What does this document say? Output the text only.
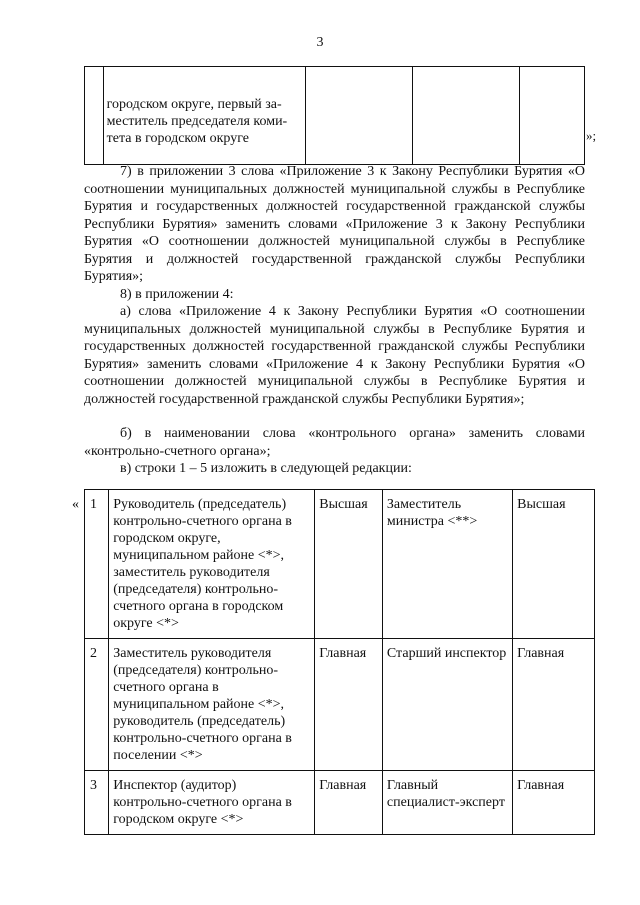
3

городском округе, первый за-
меститель председателя коми-
тета в городском округе

				»;
7) в приложении 3 слова «Приложение 3 к Закону Республики Бурятия «О соотношении муниципальных должностей муниципальной службы в Республике Бурятия и государственных должностей государственной гражданской службы Республики Бурятия» заменить словами «Приложение 3 к Закону Республики Бурятия «О соотношении должностей муниципальной службы в Республике Бурятия и должностей государственной гражданской службы Республики Бурятия»;
8) в приложении 4:
а) слова «Приложение 4 к Закону Республики Бурятия «О соотношении муниципальных должностей муниципальной службы в Республике Бурятия и государственных должностей государственной гражданской службы Республики Бурятия» заменить словами «Приложение 4 к Закону Республики Бурятия «О соотношении должностей муниципальной службы в Республике Бурятия и должностей государственной гражданской службы Республики Бурятия»;
б) в наименовании слова «контрольного органа» заменить словами «контрольно-счетного органа»;
в) строки 1 – 5 изложить в следующей редакции:
« 1	Руководитель (председатель) контрольно-счетного органа в городском округе, муниципальном районе <*>, заместитель руководителя (председателя) контрольно-счетного органа в городском округе <*>	Высшая	Заместитель министра <**>	Высшая
2	Заместитель руководителя (председателя) контрольно-счетного органа в муниципальном районе <*>, руководитель (председатель) контрольно-счетного органа в поселении <*>	Главная	Старший инспектор	Главная
3	Инспектор (аудитор) контрольно-счетного органа в городском округе <*>	Главная	Главный специалист-эксперт	Главная
